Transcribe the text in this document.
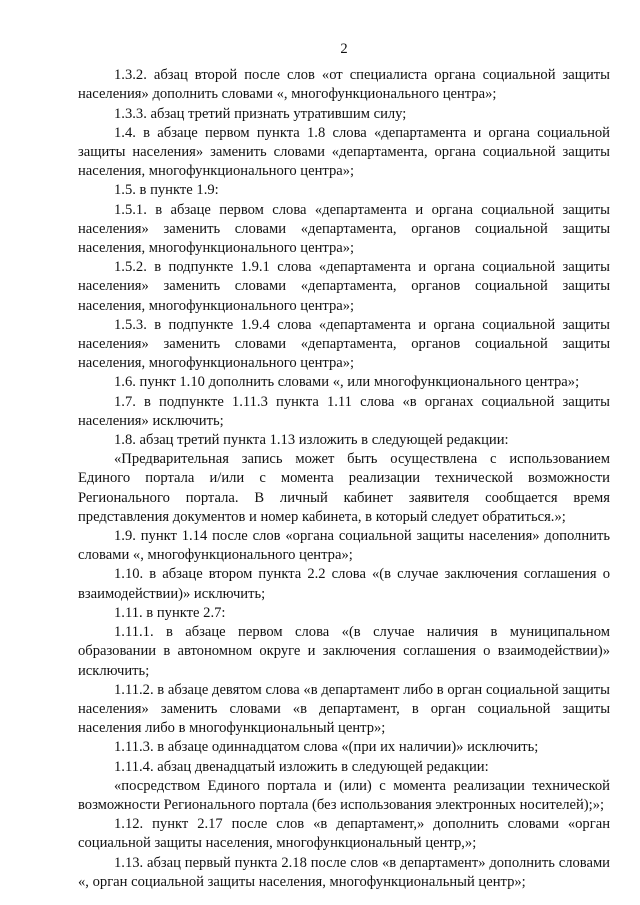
2

1.3.2. абзац второй после слов «от специалиста органа социальной защиты населения» дополнить словами «, многофункционального центра»;

1.3.3. абзац третий признать утратившим силу;

1.4. в абзаце первом пункта 1.8 слова «департамента и органа социальной защиты населения» заменить словами «департамента, органа социальной защиты населения, многофункционального центра»;

1.5. в пункте 1.9:

1.5.1. в абзаце первом слова «департамента и органа социальной защиты населения» заменить словами «департамента, органов социальной защиты населения, многофункционального центра»;

1.5.2. в подпункте 1.9.1 слова «департамента и органа социальной защиты населения» заменить словами «департамента, органов социальной защиты населения, многофункционального центра»;

1.5.3. в подпункте 1.9.4 слова «департамента и органа социальной защиты населения» заменить словами «департамента, органов социальной защиты населения, многофункционального центра»;

1.6. пункт 1.10 дополнить словами «, или многофункционального центра»;

1.7. в подпункте 1.11.3 пункта 1.11 слова «в органах социальной защиты населения» исключить;

1.8. абзац третий пункта 1.13 изложить в следующей редакции:

«Предварительная запись может быть осуществлена с использованием Единого портала и/или с момента реализации технической возможности Регионального портала. В личный кабинет заявителя сообщается время представления документов и номер кабинета, в который следует обратиться.»;

1.9. пункт 1.14 после слов «органа социальной защиты населения» дополнить словами «, многофункционального центра»;

1.10. в абзаце втором пункта 2.2 слова «(в случае заключения соглашения о взаимодействии)» исключить;

1.11. в пункте 2.7:

1.11.1. в абзаце первом слова «(в случае наличия в муниципальном образовании в автономном округе и заключения соглашения о взаимодействии)» исключить;

1.11.2. в абзаце девятом слова «в департамент либо в орган социальной защиты населения» заменить словами «в департамент, в орган социальной защиты населения либо в многофункциональный центр»;

1.11.3. в абзаце одиннадцатом слова «(при их наличии)» исключить;

1.11.4. абзац двенадцатый изложить в следующей редакции:

«посредством Единого портала и (или) с момента реализации технической возможности Регионального портала (без использования электронных носителей);»;

1.12. пункт 2.17 после слов «в департамент,» дополнить словами «орган социальной защиты населения, многофункциональный центр,»;

1.13. абзац первый пункта 2.18 после слов «в департамент» дополнить словами «, орган социальной защиты населения, многофункциональный центр»;
